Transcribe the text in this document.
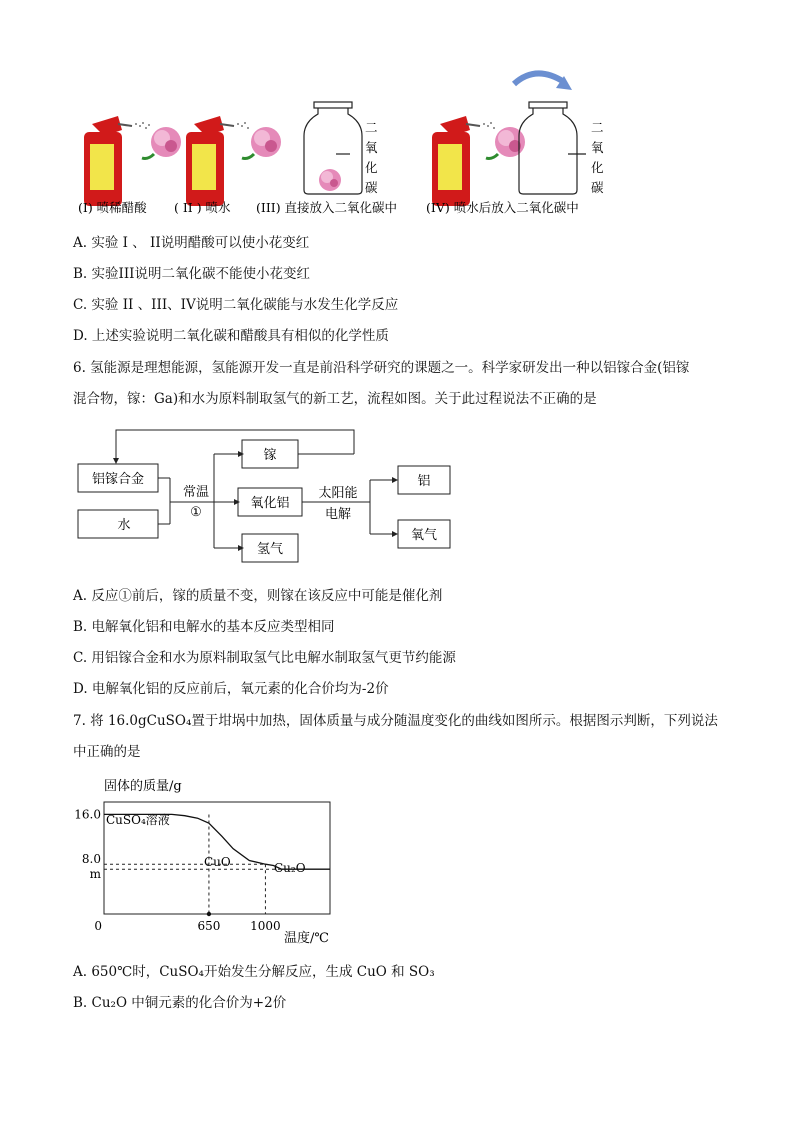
二
氧
化
碳
二
氧
化
碳
(I) 喷稀醋酸 ( II ) 喷水 (III) 直接放入二氧化碳中 (IV) 喷水后放入二氧化碳中
A. 实验 I 、 II说明醋酸可以使小花变红
B. 实验III说明二氧化碳不能使小花变红
C. 实验 II 、III、IV说明二氧化碳能与水发生化学反应
D. 上述实验说明二氧化碳和醋酸具有相似的化学性质
6. 氢能源是理想能源，氢能源开发一直是前沿科学研究的课题之一。科学家研发出一种以铝镓合金(铝镓
混合物，镓：Ga)和水为原料制取氢气的新工艺，流程如图。关于此过程说法不正确的是
铝镓合金
水
常温
①
镓
氧化铝
氢气
太阳能
电解
铝
氧气
A. 反应①前后，镓的质量不变，则镓在该反应中可能是催化剂
B. 电解氧化铝和电解水的基本反应类型相同
C. 用铝镓合金和水为原料制取氢气比电解水制取氢气更节约能源
D. 电解氧化铝的反应前后，氧元素的化合价均为-2价
7. 将 16.0gCuSO₄置于坩埚中加热，固体质量与成分随温度变化的曲线如图所示。根据图示判断，下列说法
中正确的是
固体的质量/g
温度/℃
CuSO₄溶液
CuO	Cu₂O
16.0
8.0
m
0	650 1000
A. 650℃时，CuSO₄开始发生分解反应，生成 CuO 和 SO₃
B. Cu₂O 中铜元素的化合价为+2价
